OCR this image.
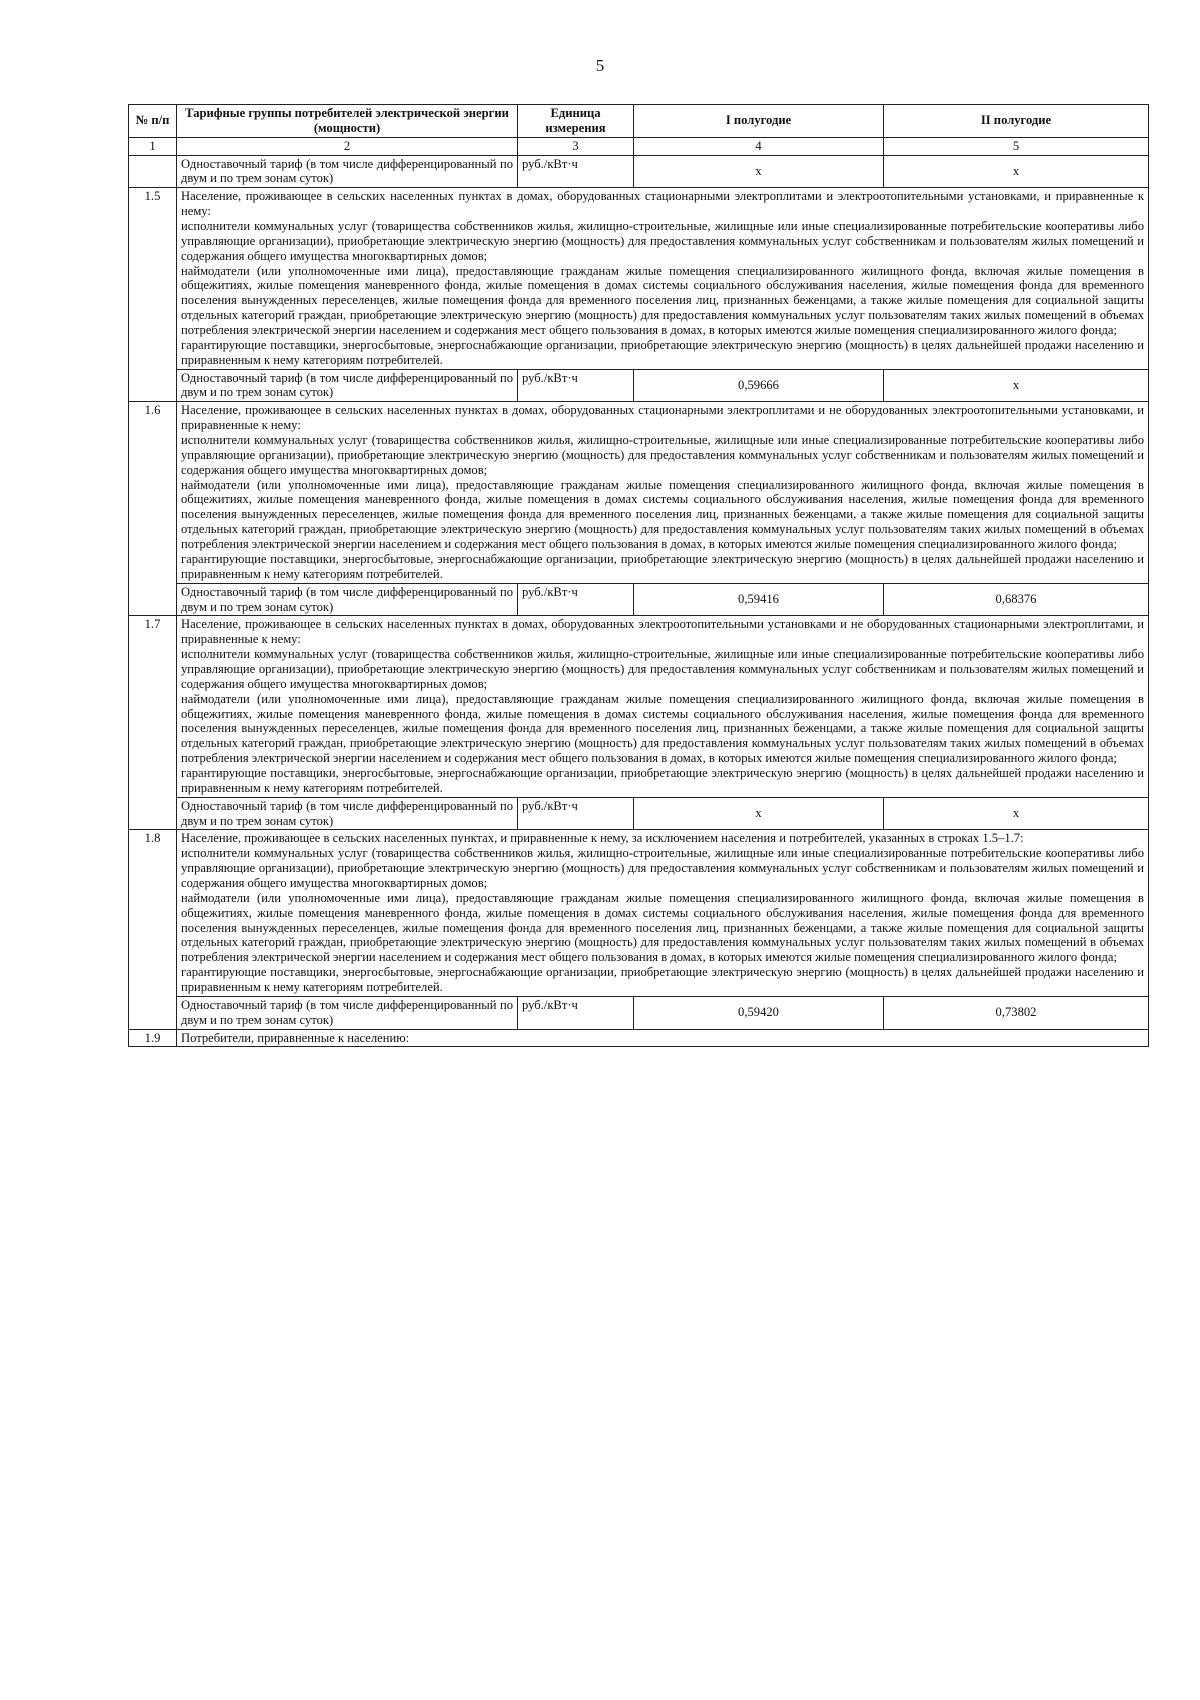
5
№ п/п	Тарифные группы потребителей электрической энергии (мощности)	Единица измерения	I полугодие	II полугодие
1	2	3	4	5
	Одноставочный тариф (в том числе дифференцированный по двум и по трем зонам суток)	руб./кВт·ч	x	x
1.5	Население, проживающее в сельских населенных пунктах в домах, оборудованных стационарными электроплитами и электроотопительными установками, и приравненные к нему:
исполнители коммунальных услуг (товарищества собственников жилья, жилищно-строительные, жилищные или иные специализированные потребительские кооперативы либо управляющие организации), приобретающие электрическую энергию (мощность) для предоставления коммунальных услуг собственникам и пользователям жилых помещений и содержания общего имущества многоквартирных домов;
наймодатели (или уполномоченные ими лица), предоставляющие гражданам жилые помещения специализированного жилищного фонда, включая жилые помещения в общежитиях, жилые помещения маневренного фонда, жилые помещения в домах системы социального обслуживания населения, жилые помещения фонда для временного поселения вынужденных переселенцев, жилые помещения фонда для временного поселения лиц, признанных беженцами, а также жилые помещения для социальной защиты отдельных категорий граждан, приобретающие электрическую энергию (мощность) для предоставления коммунальных услуг пользователям таких жилых помещений в объемах потребления электрической энергии населением и содержания мест общего пользования в домах, в которых имеются жилые помещения специализированного жилого фонда;
гарантирующие поставщики, энергосбытовые, энергоснабжающие организации, приобретающие электрическую энергию (мощность) в целях дальнейшей продажи населению и приравненным к нему категориям потребителей.			

	Одноставочный тариф (в том числе дифференцированный по двум и по трем зонам суток)	руб./кВт·ч	0,59666	x
1.6	Население, проживающее в сельских населенных пунктах в домах, оборудованных стационарными электроплитами и не оборудованных электроотопительными установками, и приравненные к нему:
исполнители коммунальных услуг (товарищества собственников жилья, жилищно-строительные, жилищные или иные специализированные потребительские кооперативы либо управляющие организации), приобретающие электрическую энергию (мощность) для предоставления коммунальных услуг собственникам и пользователям жилых помещений и содержания общего имущества многоквартирных домов;
наймодатели (или уполномоченные ими лица), предоставляющие гражданам жилые помещения специализированного жилищного фонда, включая жилые помещения в общежитиях, жилые помещения маневренного фонда, жилые помещения в домах системы социального обслуживания населения, жилые помещения фонда для временного поселения вынужденных переселенцев, жилые помещения фонда для временного поселения лиц, признанных беженцами, а также жилые помещения для социальной защиты отдельных категорий граждан, приобретающие электрическую энергию (мощность) для предоставления коммунальных услуг пользователям таких жилых помещений в объемах потребления электрической энергии населением и содержания мест общего пользования в домах, в которых имеются жилые помещения специализированного жилого фонда;
гарантирующие поставщики, энергосбытовые, энергоснабжающие организации, приобретающие электрическую энергию (мощность) в целях дальнейшей продажи населению и приравненным к нему категориям потребителей.			

	Одноставочный тариф (в том числе дифференцированный по двум и по трем зонам суток)	руб./кВт·ч	0,59416	0,68376
1.7	Население, проживающее в сельских населенных пунктах в домах, оборудованных электроотопительными установками и не оборудованных стационарными электроплитами, и приравненные к нему:
исполнители коммунальных услуг (товарищества собственников жилья, жилищно-строительные, жилищные или иные специализированные потребительские кооперативы либо управляющие организации), приобретающие электрическую энергию (мощность) для предоставления коммунальных услуг собственникам и пользователям жилых помещений и содержания общего имущества многоквартирных домов;
наймодатели (или уполномоченные ими лица), предоставляющие гражданам жилые помещения специализированного жилищного фонда, включая жилые помещения в общежитиях, жилые помещения маневренного фонда, жилые помещения в домах системы социального обслуживания населения, жилые помещения фонда для временного поселения вынужденных переселенцев, жилые помещения фонда для временного поселения лиц, признанных беженцами, а также жилые помещения для социальной защиты отдельных категорий граждан, приобретающие электрическую энергию (мощность) для предоставления коммунальных услуг пользователям таких жилых помещений в объемах потребления электрической энергии населением и содержания мест общего пользования в домах, в которых имеются жилые помещения специализированного жилого фонда;
гарантирующие поставщики, энергосбытовые, энергоснабжающие организации, приобретающие электрическую энергию (мощность) в целях дальнейшей продажи населению и приравненным к нему категориям потребителей.			

	Одноставочный тариф (в том числе дифференцированный по двум и по трем зонам суток)	руб./кВт·ч	x	x
1.8	Население, проживающее в сельских населенных пунктах, и приравненные к нему, за исключением населения и потребителей, указанных в строках 1.5–1.7:
исполнители коммунальных услуг (товарищества собственников жилья, жилищно-строительные, жилищные или иные специализированные потребительские кооперативы либо управляющие организации), приобретающие электрическую энергию (мощность) для предоставления коммунальных услуг собственникам и пользователям жилых помещений и содержания общего имущества многоквартирных домов;
наймодатели (или уполномоченные ими лица), предоставляющие гражданам жилые помещения специализированного жилищного фонда, включая жилые помещения в общежитиях, жилые помещения маневренного фонда, жилые помещения в домах системы социального обслуживания населения, жилые помещения фонда для временного поселения вынужденных переселенцев, жилые помещения фонда для временного поселения лиц, признанных беженцами, а также жилые помещения для социальной защиты отдельных категорий граждан, приобретающие электрическую энергию (мощность) для предоставления коммунальных услуг пользователям таких жилых помещений в объемах потребления электрической энергии населением и содержания мест общего пользования в домах, в которых имеются жилые помещения специализированного жилого фонда;
гарантирующие поставщики, энергосбытовые, энергоснабжающие организации, приобретающие электрическую энергию (мощность) в целях дальнейшей продажи населению и приравненным к нему категориям потребителей.			

	Одноставочный тариф (в том числе дифференцированный по двум и по трем зонам суток)	руб./кВт·ч	0,59420	0,73802
1.9	Потребители, приравненные к населению:			
